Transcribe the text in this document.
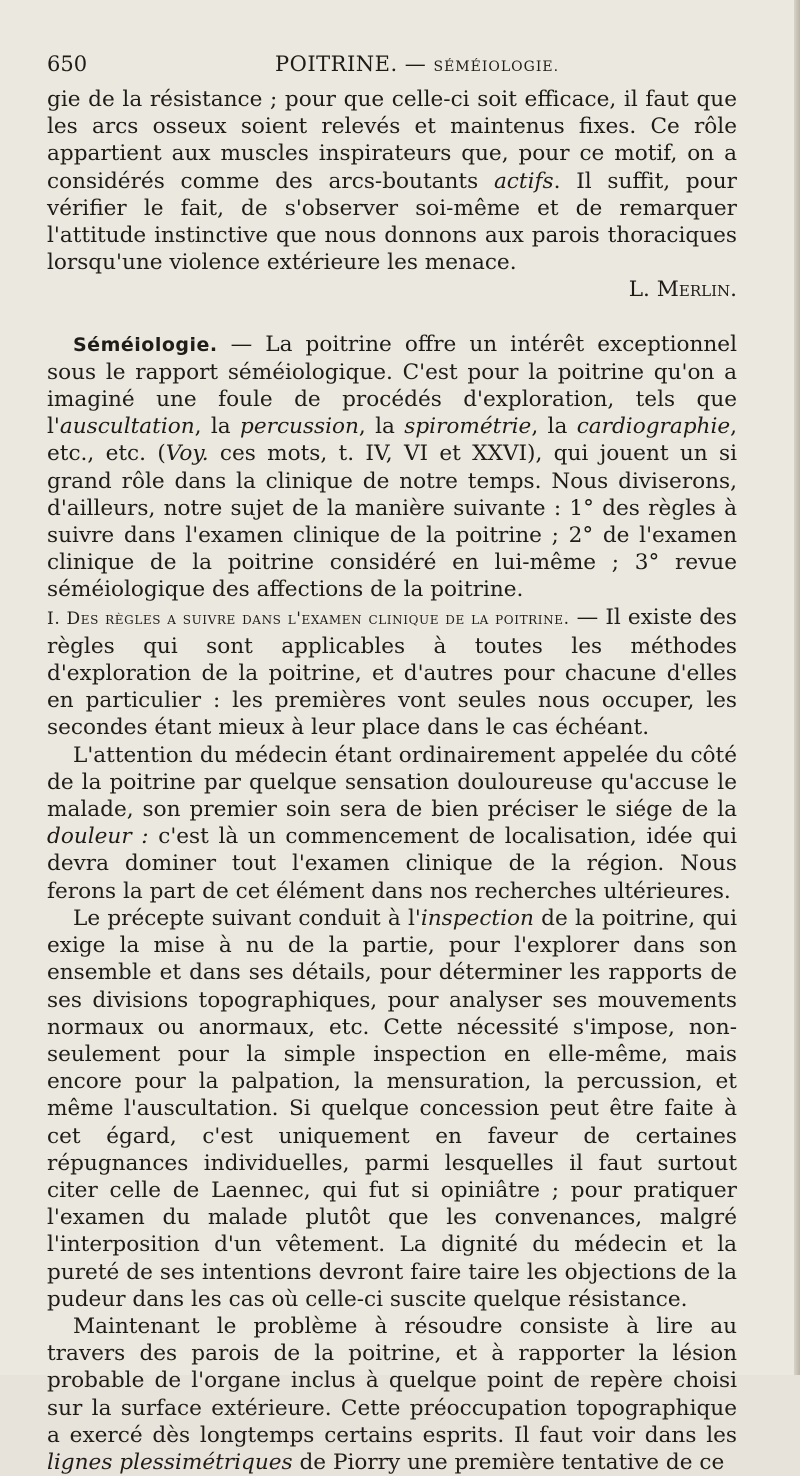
650	POITRINE. — SÉMÉIOLOGIE.

gie de la résistance ; pour que celle-ci soit efficace, il faut que les arcs osseux soient relevés et maintenus fixes. Ce rôle appartient aux muscles inspirateurs que, pour ce motif, on a considérés comme des arcs-boutants actifs. Il suffit, pour vérifier le fait, de s'observer soi-même et de remarquer l'attitude instinctive que nous donnons aux parois thoraciques lorsqu'une violence extérieure les menace.

L. Merlin.

Séméiologie. — La poitrine offre un intérêt exceptionnel sous le rapport séméiologique. C'est pour la poitrine qu'on a imaginé une foule de procédés d'exploration, tels que l'auscultation, la percussion, la spirométrie, la cardiographie, etc., etc. (Voy. ces mots, t. IV, VI et XXVI), qui jouent un si grand rôle dans la clinique de notre temps. Nous diviserons, d'ailleurs, notre sujet de la manière suivante : 1° des règles à suivre dans l'examen clinique de la poitrine ; 2° de l'examen clinique de la poitrine considéré en lui-même ; 3° revue séméiologique des affections de la poitrine.

I. Des règles a suivre dans l'examen clinique de la poitrine. — Il existe des règles qui sont applicables à toutes les méthodes d'exploration de la poitrine, et d'autres pour chacune d'elles en particulier : les premières vont seules nous occuper, les secondes étant mieux à leur place dans le cas échéant.

L'attention du médecin étant ordinairement appelée du côté de la poitrine par quelque sensation douloureuse qu'accuse le malade, son premier soin sera de bien préciser le siége de la douleur : c'est là un commencement de localisation, idée qui devra dominer tout l'examen clinique de la région. Nous ferons la part de cet élément dans nos recherches ultérieures.

Le précepte suivant conduit à l'inspection de la poitrine, qui exige la mise à nu de la partie, pour l'explorer dans son ensemble et dans ses détails, pour déterminer les rapports de ses divisions topographiques, pour analyser ses mouvements normaux ou anormaux, etc. Cette nécessité s'impose, non-seulement pour la simple inspection en elle-même, mais encore pour la palpation, la mensuration, la percussion, et même l'auscultation. Si quelque concession peut être faite à cet égard, c'est uniquement en faveur de certaines répugnances individuelles, parmi lesquelles il faut surtout citer celle de Laennec, qui fut si opiniâtre ; pour pratiquer l'examen du malade plutôt que les convenances, malgré l'interposition d'un vêtement. La dignité du médecin et la pureté de ses intentions devront faire taire les objections de la pudeur dans les cas où celle-ci suscite quelque résistance.

Maintenant le problème à résoudre consiste à lire au travers des parois de la poitrine, et à rapporter la lésion probable de l'organe inclus à quelque point de repère choisi sur la surface extérieure. Cette préoccupation topographique a exercé dès longtemps certains esprits. Il faut voir dans les lignes plessimétriques de Piorry une première tentative de ce
